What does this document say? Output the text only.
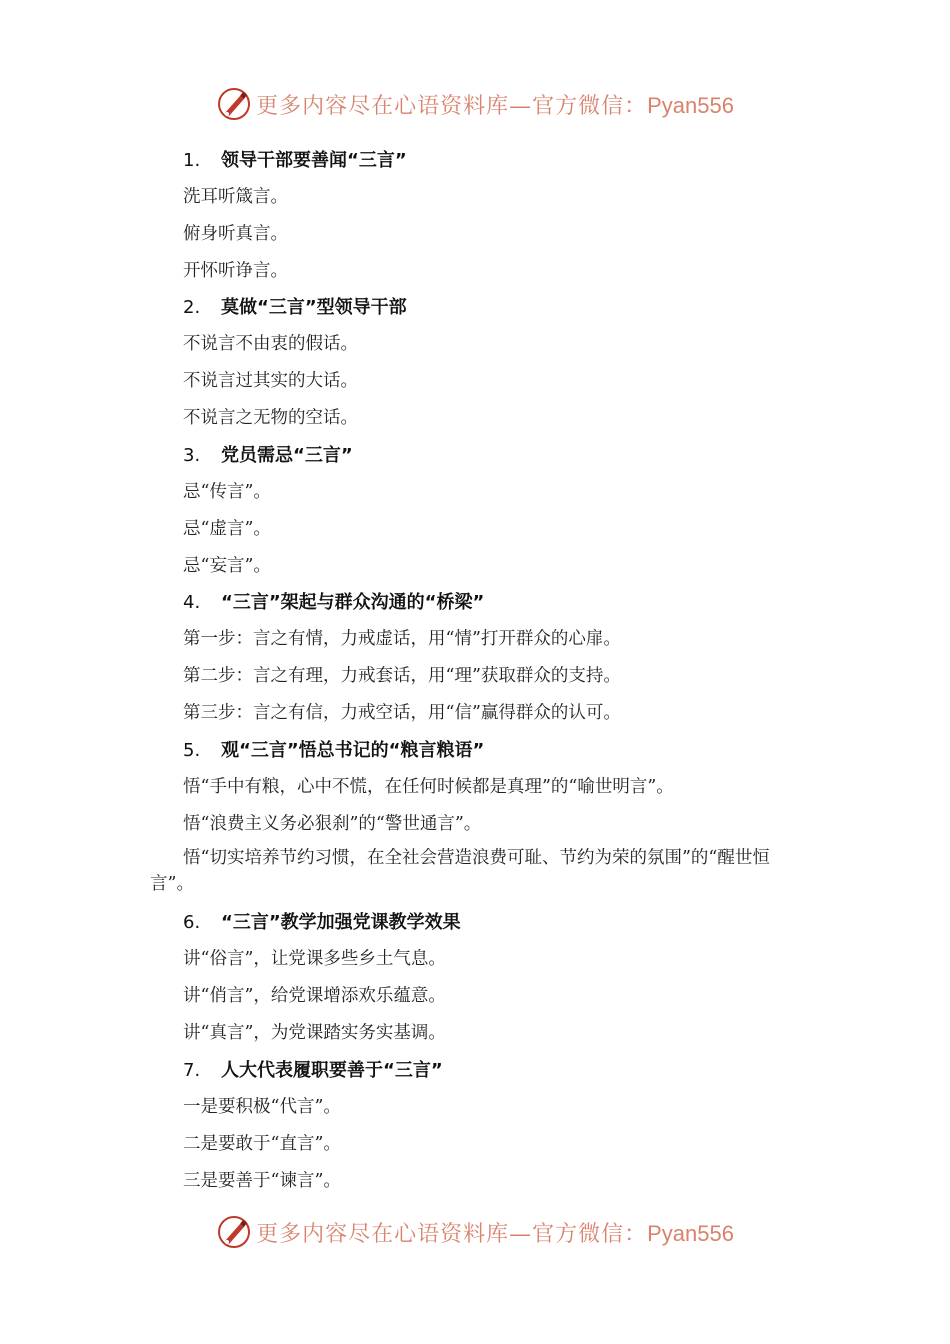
更多内容尽在心语资料库—官方微信：Pyan556
1. 领导干部要善闻“三言”
洗耳听箴言。
俯身听真言。
开怀听诤言。
2. 莫做“三言”型领导干部
不说言不由衷的假话。
不说言过其实的大话。
不说言之无物的空话。
3. 党员需忌“三言”
忌“传言”。
忌“虚言”。
忌“妄言”。
4. “三言”架起与群众沟通的“桥梁”
第一步：言之有情，力戒虚话，用“情”打开群众的心扉。
第二步：言之有理，力戒套话，用“理”获取群众的支持。
第三步：言之有信，力戒空话，用“信”赢得群众的认可。
5. 观“三言”悟总书记的“粮言粮语”
悟“手中有粮，心中不慌，在任何时候都是真理”的“喻世明言”。
悟“浪费主义务必狠刹”的“警世通言”。
悟“切实培养节约习惯，在全社会营造浪费可耻、节约为荣的氛围”的“醒世恒言”。
6. “三言”教学加强党课教学效果
讲“俗言”，让党课多些乡土气息。
讲“俏言”，给党课增添欢乐蕴意。
讲“真言”，为党课踏实务实基调。
7. 人大代表履职要善于“三言”
一是要积极“代言”。
二是要敢于“直言”。
三是要善于“谏言”。
更多内容尽在心语资料库—官方微信：Pyan556
